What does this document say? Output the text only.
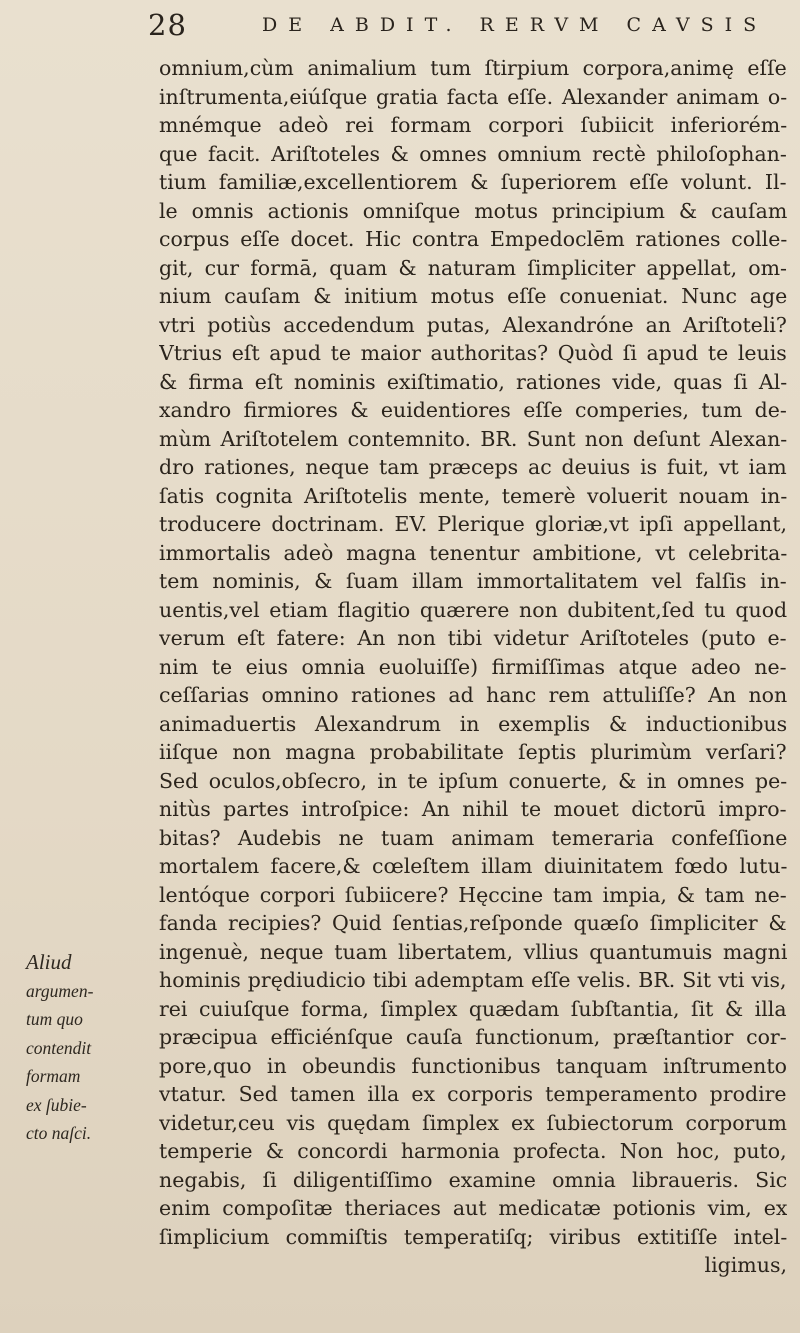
28	DE ABDIT. RERVM CAVSIS
omnium,cùm animalium tum ſtirpium corpora,animę eſſe
inſtrumenta,eiúſque gratia facta eſſe. Alexander animam o-
mnémque adeò rei formam corpori ſubiicit inferiorém-
que facit. Ariſtoteles & omnes omnium rectè philoſophan-
tium familiæ,excellentiorem & ſuperiorem eſſe volunt. Il-
le omnis actionis omniſque motus principium & cauſam
corpus eſſe docet. Hic contra Empedoclēm rationes colle-
git, cur formā, quam & naturam ſimpliciter appellat, om-
nium cauſam & initium motus eſſe conueniat. Nunc age
vtri potiùs accedendum putas, Alexandróne an Ariſtoteli?
Vtrius eſt apud te maior authoritas? Quòd ſi apud te leuis
& firma eſt nominis exiſtimatio, rationes vide, quas ſi Al-
xandro firmiores & euidentiores eſſe comperies, tum de-
mùm Ariſtotelem contemnito. BR. Sunt non deſunt Alexan-
dro rationes, neque tam præceps ac deuius is fuit, vt iam
ſatis cognita Ariſtotelis mente, temerè voluerit nouam in-
troducere doctrinam. EV. Plerique gloriæ,vt ipſi appellant,
immortalis adeò magna tenentur ambitione, vt celebrita-
tem nominis, & ſuam illam immortalitatem vel falſis in-
uentis,vel etiam flagitio quærere non dubitent,ſed tu quod
verum eſt fatere: An non tibi videtur Ariſtoteles (puto e-
nim te eius omnia euoluiſſe) firmiſſimas atque adeo ne-
ceſſarias omnino rationes ad hanc rem attuliſſe? An non
animaduertis Alexandrum in exemplis & inductionibus
iiſque non magna probabilitate ſeptis plurimùm verſari?
Sed oculos,obſecro, in te ipſum conuerte, & in omnes pe-
nitùs partes introſpice: An nihil te mouet dictorū impro-
bitas? Audebis ne tuam animam temeraria confeſſione
mortalem facere,& cœleſtem illam diuinitatem fœdo lutu-
lentóque corpori ſubiicere? Hęccine tam impia, & tam ne-
fanda recipies? Quid ſentias,reſponde quæſo ſimpliciter &
ingenuè, neque tuam libertatem, vllius quantumuis magni
hominis prędiudicio tibi ademptam eſſe velis. BR. Sit vti vis,
rei cuiuſque forma, ſimplex quædam ſubſtantia, ſit & illa
præcipua efficiénſque cauſa functionum, præſtantior cor-
pore,quo in obeundis functionibus tanquam inſtrumento
vtatur. Sed tamen illa ex corporis temperamento prodire
videtur,ceu vis quędam ſimplex ex ſubiectorum corporum
temperie & concordi harmonia profecta. Non hoc, puto,
negabis, ſi diligentiſſimo examine omnia libraueris. Sic
enim compoſitæ theriaces aut medicatæ potionis vim, ex
ſimplicium commiſtis temperatiſq; viribus extitiſſe intel-
ligimus,
Aliud
argumen-
tum quo
contendit
formam
ex ſubie-
cto naſci.
